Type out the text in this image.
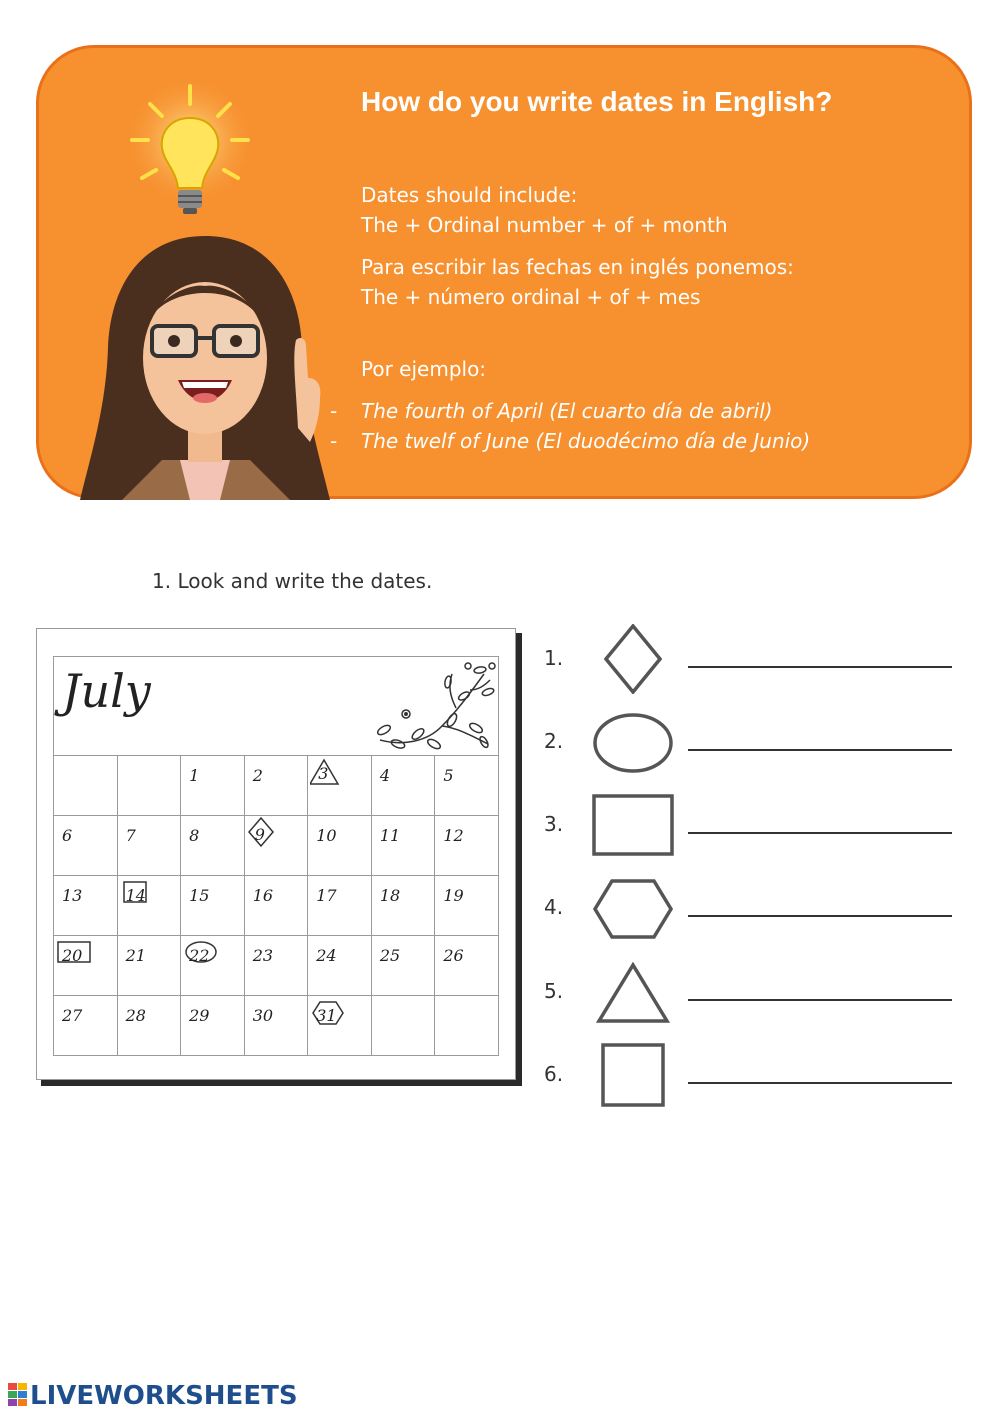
How do you write dates in English?

Dates should include:
The + Ordinal number + of + month

Para escribir las fechas en inglés ponemos:
The + número ordinal + of + mes

Por ejemplo:

- The fourth of April (El cuarto día de abril)

- The twelf of June (El duodécimo día de Junio)

1. Look and write the dates.

July

		1	2	3	4	5

6	7	8	9	10	11	12

13	14	15	16	17	18	19

20	21	22	23	24	25	26

27	28	29	30	31		

1.

2.

3.

4.

5.

6.

LIVEWORKSHEETS
